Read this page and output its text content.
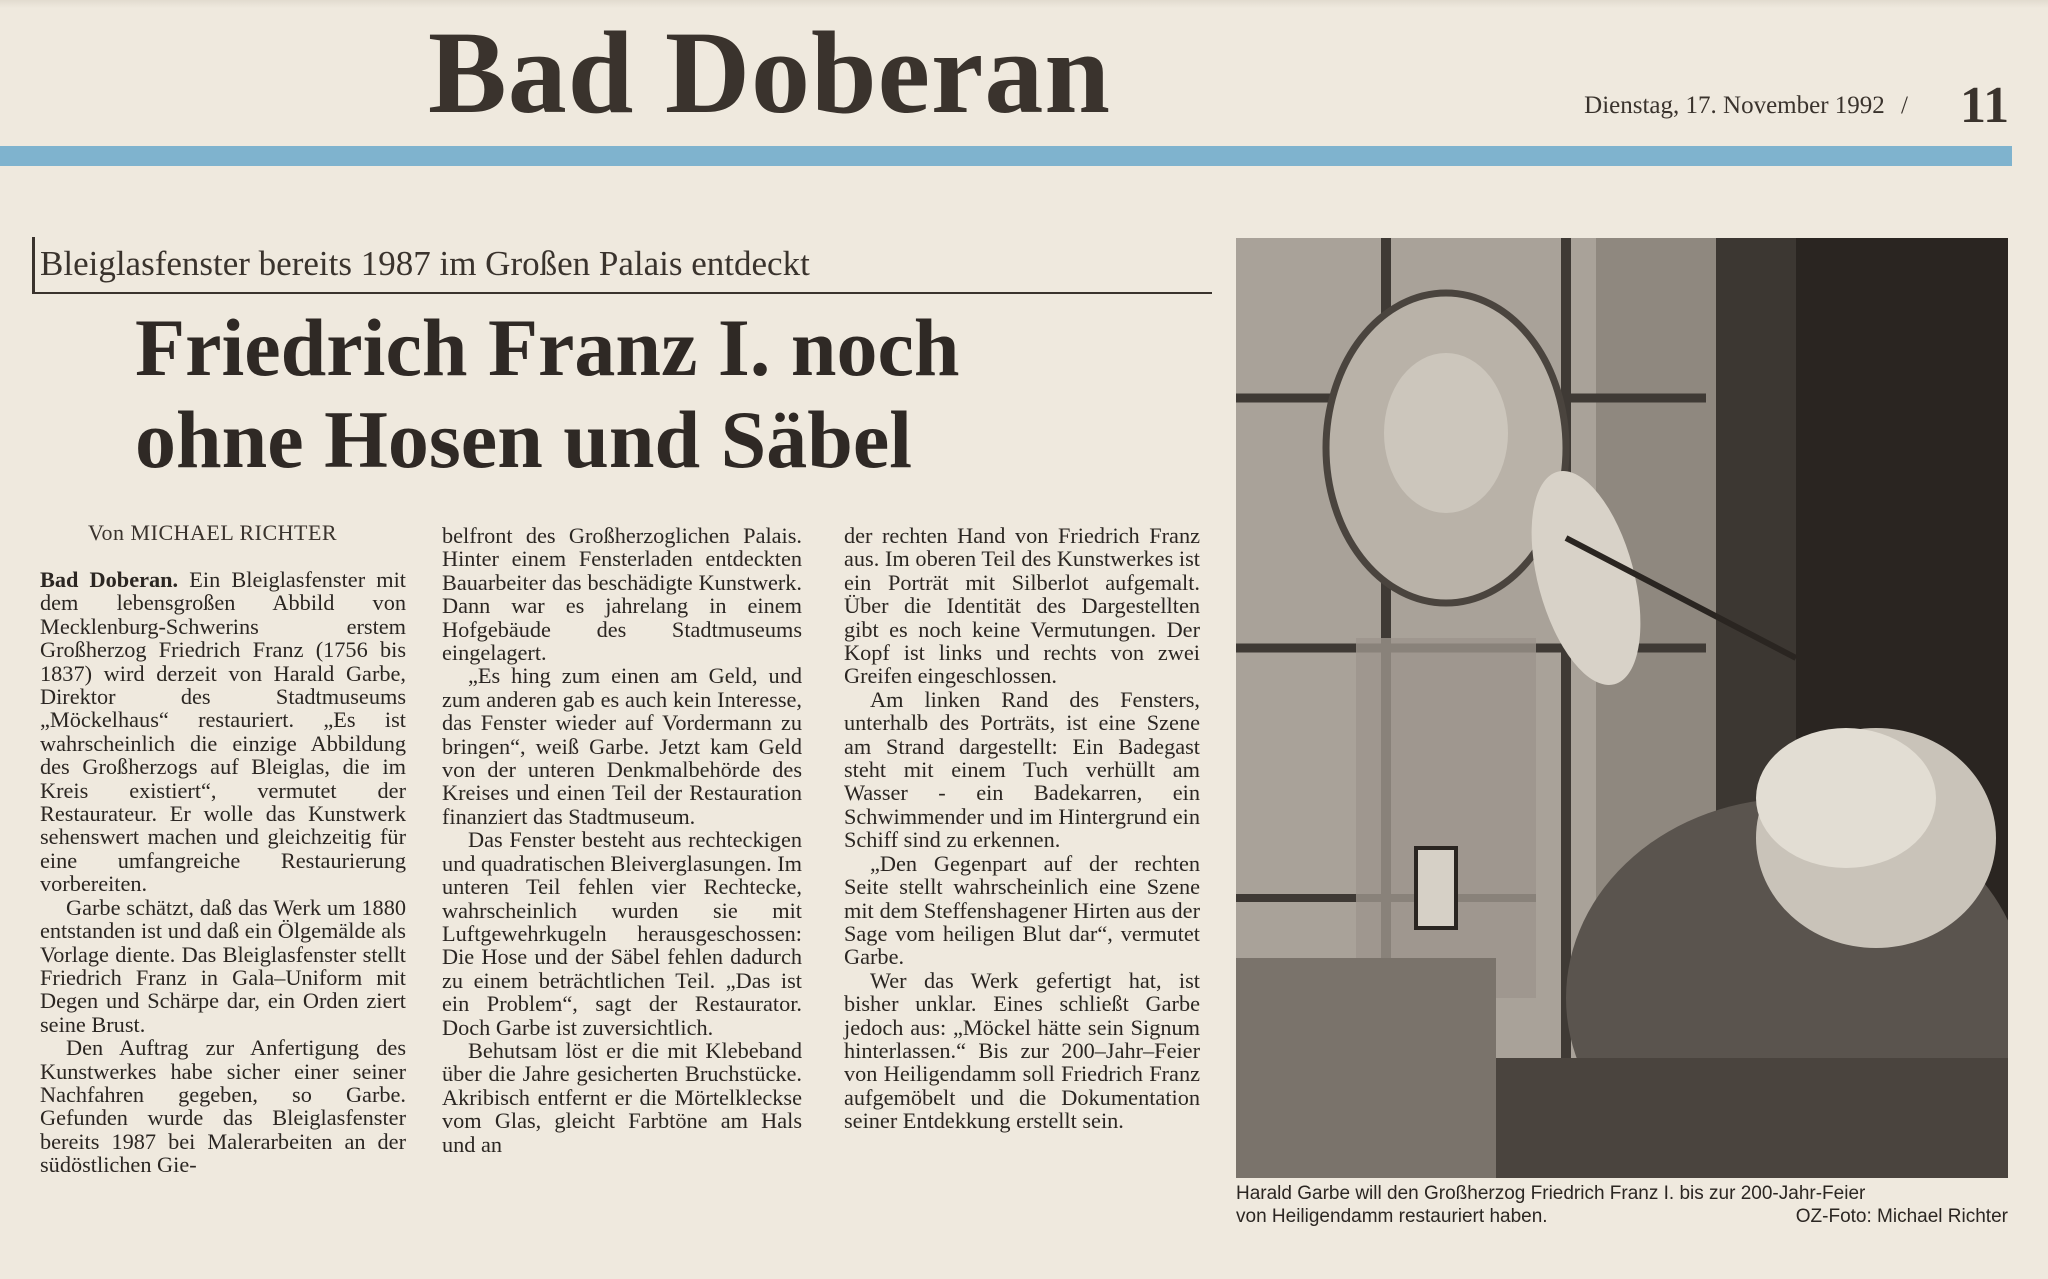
Bad Doberan	Dienstag, 17. November 1992 / 11
Bleiglasfenster bereits 1987 im Großen Palais entdeckt
Friedrich Franz I. noch
ohne Hosen und Säbel
Von MICHAEL RICHTER

Bad Doberan. Ein Bleiglasfenster mit dem lebensgroßen Abbild von Mecklenburg-Schwerins erstem Großherzog Friedrich Franz (1756 bis 1837) wird derzeit von Harald Garbe, Direktor des Stadtmuseums „Möckelhaus“ restauriert. „Es ist wahrscheinlich die einzige Abbildung des Großherzogs auf Bleiglas, die im Kreis existiert“, vermutet der Restaurateur. Er wolle das Kunstwerk sehenswert machen und gleichzeitig für eine umfangreiche Restaurierung vorbereiten.

Garbe schätzt, daß das Werk um 1880 entstanden ist und daß ein Ölgemälde als Vorlage diente. Das Bleiglasfenster stellt Friedrich Franz in Gala–Uniform mit Degen und Schärpe dar, ein Orden ziert seine Brust.

Den Auftrag zur Anfertigung des Kunstwerkes habe sicher einer seiner Nachfahren gegeben, so Garbe. Gefunden wurde das Bleiglasfenster bereits 1987 bei Malerarbeiten an der südöstlichen Gie-

belfront des Großherzoglichen Palais. Hinter einem Fensterladen entdeckten Bauarbeiter das beschädigte Kunstwerk. Dann war es jahrelang in einem Hofgebäude des Stadtmuseums eingelagert.

„Es hing zum einen am Geld, und zum anderen gab es auch kein Interesse, das Fenster wieder auf Vordermann zu bringen“, weiß Garbe. Jetzt kam Geld von der unteren Denkmalbehörde des Kreises und einen Teil der Restauration finanziert das Stadtmuseum.

Das Fenster besteht aus rechteckigen und quadratischen Bleiverglasungen. Im unteren Teil fehlen vier Rechtecke, wahrscheinlich wurden sie mit Luftgewehrkugeln herausgeschossen: Die Hose und der Säbel fehlen dadurch zu einem beträchtlichen Teil. „Das ist ein Problem“, sagt der Restaurator. Doch Garbe ist zuversichtlich.

Behutsam löst er die mit Klebeband über die Jahre gesicherten Bruchstücke. Akribisch entfernt er die Mörtelkleckse vom Glas, gleicht Farbtöne am Hals und an

der rechten Hand von Friedrich Franz aus. Im oberen Teil des Kunstwerkes ist ein Porträt mit Silberlot aufgemalt. Über die Identität des Dargestellten gibt es noch keine Vermutungen. Der Kopf ist links und rechts von zwei Greifen eingeschlossen.

Am linken Rand des Fensters, unterhalb des Porträts, ist eine Szene am Strand dargestellt: Ein Badegast steht mit einem Tuch verhüllt am Wasser - ein Badekarren, ein Schwimmender und im Hintergrund ein Schiff sind zu erkennen.

„Den Gegenpart auf der rechten Seite stellt wahrscheinlich eine Szene mit dem Steffenshagener Hirten aus der Sage vom heiligen Blut dar“, vermutet Garbe.

Wer das Werk gefertigt hat, ist bisher unklar. Eines schließt Garbe jedoch aus: „Möckel hätte sein Signum hinterlassen.“ Bis zur 200–Jahr–Feier von Heiligendamm soll Friedrich Franz aufgemöbelt und die Dokumentation seiner Entdekkung erstellt sein.

Harald Garbe will den Großherzog Friedrich Franz I. bis zur 200-Jahr-Feier
von Heiligendamm restauriert haben.	OZ-Foto: Michael Richter
